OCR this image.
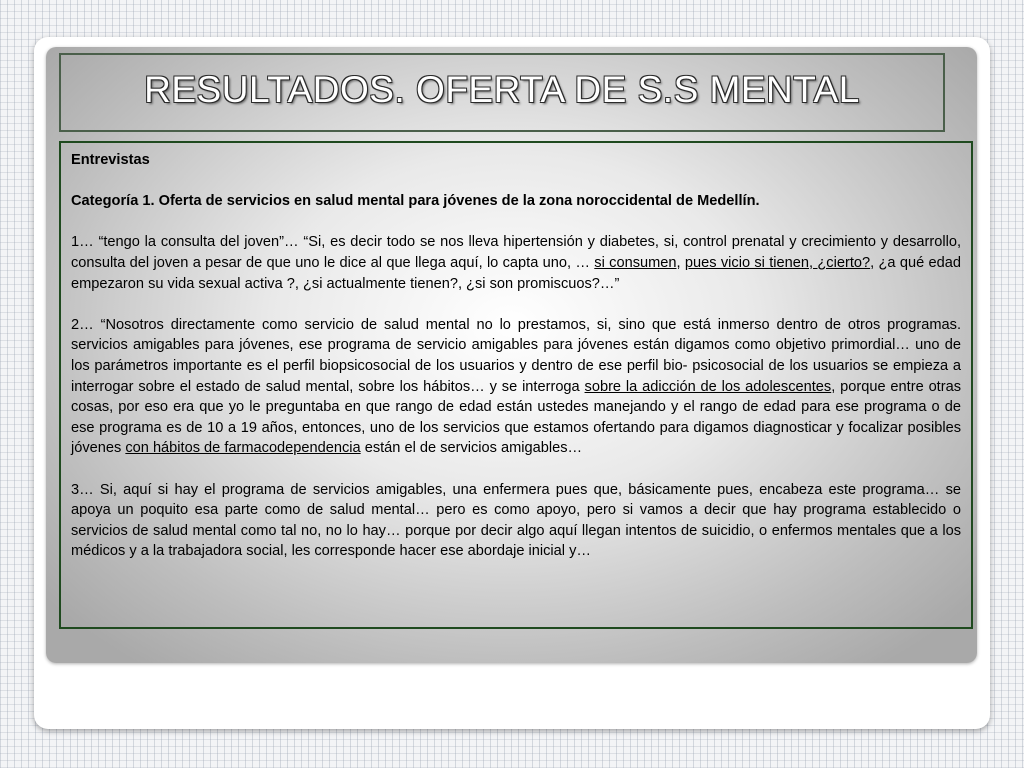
RESULTADOS. OFERTA DE S.S MENTAL

Entrevistas

Categoría 1. Oferta de servicios en salud mental para jóvenes de la zona noroccidental de Medellín.

1… “tengo la consulta del joven”… “Si, es decir todo se nos lleva hipertensión y diabetes, si, control prenatal y crecimiento y desarrollo, consulta del joven a pesar de que uno le dice al que llega aquí, lo capta uno, … si consumen, pues vicio si tienen, ¿cierto?, ¿a qué edad empezaron su vida sexual activa ?, ¿si actualmente tienen?, ¿si son promiscuos?…”

2… “Nosotros directamente como servicio de salud mental no lo prestamos, si, sino que está inmerso dentro de otros programas. servicios amigables para jóvenes, ese programa de servicio amigables para jóvenes están digamos como objetivo primordial… uno de los parámetros importante es el perfil biopsicosocial de los usuarios y dentro de ese perfil bio- psicosocial de los usuarios se empieza a interrogar sobre el estado de salud mental, sobre los hábitos… y se interroga sobre la adicción de los adolescentes, porque entre otras cosas, por eso era que yo le preguntaba en que rango de edad están ustedes manejando y el rango de edad para ese programa o de ese programa es de 10 a 19 años, entonces, uno de los servicios que estamos ofertando para digamos diagnosticar y focalizar posibles jóvenes con hábitos de farmacodependencia están el de servicios amigables…

3… Si, aquí si hay el programa de servicios amigables, una enfermera pues que, básicamente pues, encabeza este programa… se apoya un poquito esa parte como de salud mental… pero es como apoyo, pero si vamos a decir que hay programa establecido o servicios de salud mental como tal no, no lo hay… porque por decir algo aquí llegan intentos de suicidio, o enfermos mentales que a los médicos y a la trabajadora social, les corresponde hacer ese abordaje inicial y…
